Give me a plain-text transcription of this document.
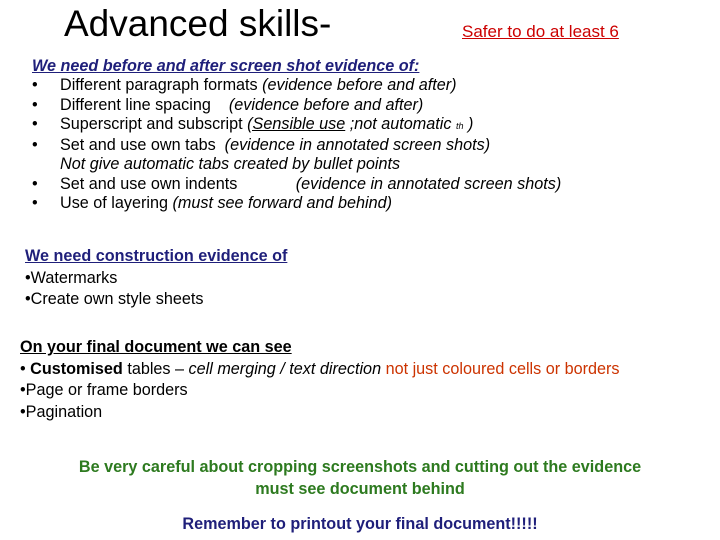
Advanced skills-	Safer to do at least 6
We need before and after screen shot evidence of:
•	Different paragraph formats (evidence before and after)
•	Different line spacing (evidence before and after)
•	Superscript and subscript (Sensible use ;not automatic th )
•	Set and use own tabs (evidence in annotated screen shots)
Not give automatic tabs created by bullet points
•	Set and use own indents (evidence in annotated screen shots)
•	Use of layering (must see forward and behind)
We need construction evidence of
•Watermarks
•Create own style sheets
On your final document we can see
• Customised tables – cell merging / text direction not just coloured cells or borders
•Page or frame borders
•Pagination
Be very careful about cropping screenshots and cutting out the evidence
must see document behind
Remember to printout your final document!!!!!
